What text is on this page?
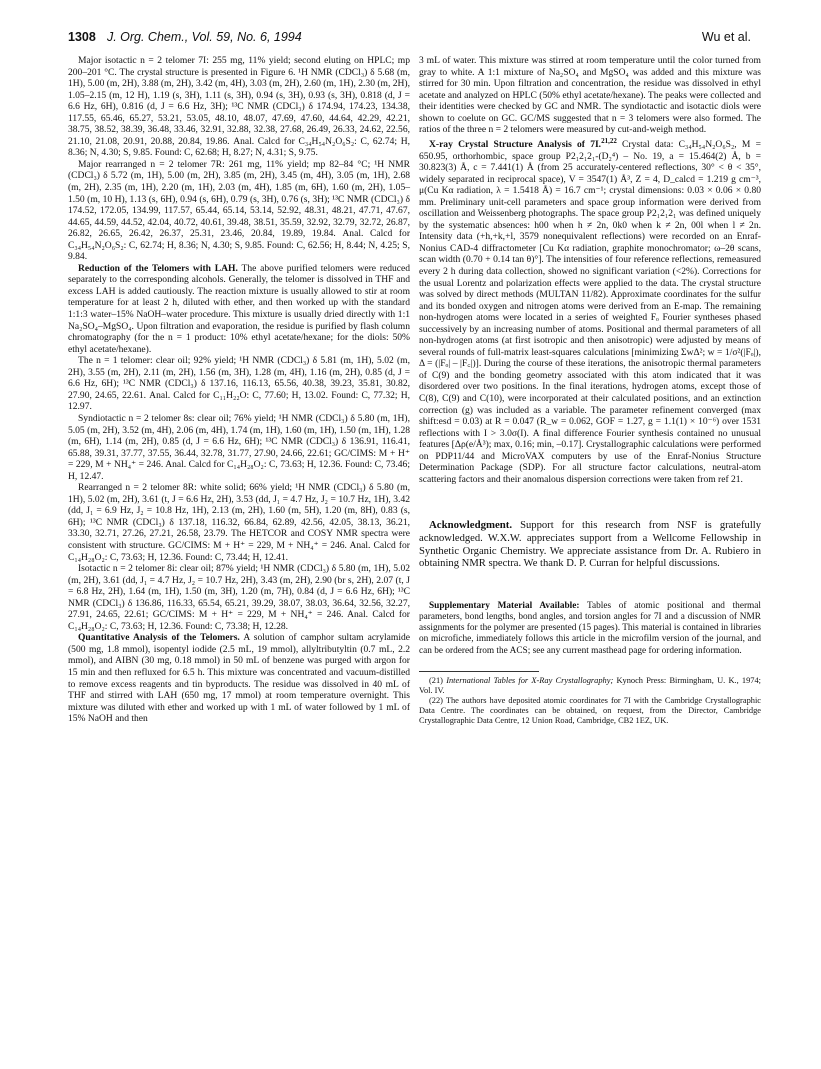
1308 J. Org. Chem., Vol. 59, No. 6, 1994	Wu et al.

Major isotactic n = 2 telomer 7I: 255 mg, 11% yield; second eluting on HPLC; mp 200–201 °C. The crystal structure is presented in Figure 6. ¹H NMR (CDCl₃) δ 5.68 (m, 1H), 5.00 (m, 2H), 3.88 (m, 2H), 3.42 (m, 4H), 3.03 (m, 2H), 2.60 (m, 1H), 2.30 (m, 2H), 1.05–2.15 (m, 12 H), 1.19 (s, 3H), 1.11 (s, 3H), 0.94 (s, 3H), 0.93 (s, 3H), 0.818 (d, J = 6.6 Hz, 6H), 0.816 (d, J = 6.6 Hz, 3H); ¹³C NMR (CDCl₃) δ 174.94, 174.23, 134.38, 117.55, 65.46, 65.27, 53.21, 53.05, 48.10, 48.07, 47.69, 47.60, 44.64, 42.29, 42.21, 38.75, 38.52, 38.39, 36.48, 33.46, 32.91, 32.88, 32.38, 27.68, 26.49, 26.33, 24.62, 22.56, 21.10, 21.08, 20.91, 20.88, 20.84, 19.86. Anal. Calcd for C₃₄H₅₄N₂O₆S₂: C, 62.74; H, 8.36; N, 4.30; S, 9.85. Found: C, 62.68; H, 8.27; N, 4.31; S, 9.75.

Major rearranged n = 2 telomer 7R: 261 mg, 11% yield; mp 82–84 °C; ¹H NMR (CDCl₃) δ 5.72 (m, 1H), 5.00 (m, 2H), 3.85 (m, 2H), 3.45 (m, 4H), 3.05 (m, 1H), 2.68 (m, 2H), 2.35 (m, 1H), 2.20 (m, 1H), 2.03 (m, 4H), 1.85 (m, 6H), 1.60 (m, 2H), 1.05–1.50 (m, 10 H), 1.13 (s, 6H), 0.94 (s, 6H), 0.79 (s, 3H), 0.76 (s, 3H); ¹³C NMR (CDCl₃) δ 174.52, 172.05, 134.99, 117.57, 65.44, 65.14, 53.14, 52.92, 48.31, 48.21, 47.71, 47.67, 44.65, 44.59, 44.52, 42.04, 40.72, 40.61, 39.48, 38.51, 35.59, 32.92, 32.79, 32.72, 26.87, 26.82, 26.65, 26.42, 26.37, 25.31, 23.46, 20.84, 19.89, 19.84. Anal. Calcd for C₃₄H₅₄N₂O₆S₂: C, 62.74; H, 8.36; N, 4.30; S, 9.85. Found: C, 62.56; H, 8.44; N, 4.25; S, 9.84.

Reduction of the Telomers with LAH. The above purified telomers were reduced separately to the corresponding alcohols. Generally, the telomer is dissolved in THF and excess LAH is added cautiously. The reaction mixture is usually allowed to stir at room temperature for at least 2 h, diluted with ether, and then worked up with the standard 1:1:3 water–15% NaOH–water procedure. This mixture is usually dried directly with 1:1 Na₂SO₄–MgSO₄. Upon filtration and evaporation, the residue is purified by flash column chromatography (for the n = 1 product: 10% ethyl acetate/hexane; for the diols: 50% ethyl acetate/hexane).

The n = 1 telomer: clear oil; 92% yield; ¹H NMR (CDCl₃) δ 5.81 (m, 1H), 5.02 (m, 2H), 3.55 (m, 2H), 2.11 (m, 2H), 1.56 (m, 3H), 1.28 (m, 4H), 1.16 (m, 2H), 0.85 (d, J = 6.6 Hz, 6H); ¹³C NMR (CDCl₃) δ 137.16, 116.13, 65.56, 40.38, 39.23, 35.81, 30.82, 27.90, 24.65, 22.61. Anal. Calcd for C₁₁H₂₂O: C, 77.60; H, 13.02. Found: C, 77.32; H, 12.97.

Syndiotactic n = 2 telomer 8s: clear oil; 76% yield; ¹H NMR (CDCl₃) δ 5.80 (m, 1H), 5.05 (m, 2H), 3.52 (m, 4H), 2.06 (m, 4H), 1.74 (m, 1H), 1.60 (m, 1H), 1.50 (m, 1H), 1.28 (m, 6H), 1.14 (m, 2H), 0.85 (d, J = 6.6 Hz, 6H); ¹³C NMR (CDCl₃) δ 136.91, 116.41, 65.88, 39.31, 37.77, 37.55, 36.44, 32.78, 31.77, 27.90, 24.66, 22.61; GC/CIMS: M + H⁺ = 229, M + NH₄⁺ = 246. Anal. Calcd for C₁₄H₂₈O₂: C, 73.63; H, 12.36. Found: C, 73.46; H, 12.47.

Rearranged n = 2 telomer 8R: white solid; 66% yield; ¹H NMR (CDCl₃) δ 5.80 (m, 1H), 5.02 (m, 2H), 3.61 (t, J = 6.6 Hz, 2H), 3.53 (dd, J₁ = 4.7 Hz, J₂ = 10.7 Hz, 1H), 3.42 (dd, J₁ = 6.9 Hz, J₂ = 10.8 Hz, 1H), 2.13 (m, 2H), 1.60 (m, 5H), 1.20 (m, 8H), 0.83 (s, 6H); ¹³C NMR (CDCl₃) δ 137.18, 116.32, 66.84, 62.89, 42.56, 42.05, 38.13, 36.21, 33.30, 32.71, 27.26, 27.21, 26.58, 23.79. The HETCOR and COSY NMR spectra were consistent with structure. GC/CIMS: M + H⁺ = 229, M + NH₄⁺ = 246. Anal. Calcd for C₁₄H₂₈O₂: C, 73.63; H, 12.36. Found: C, 73.44; H, 12.41.

Isotactic n = 2 telomer 8i: clear oil; 87% yield; ¹H NMR (CDCl₃) δ 5.80 (m, 1H), 5.02 (m, 2H), 3.61 (dd, J₁ = 4.7 Hz, J₂ = 10.7 Hz, 2H), 3.43 (m, 2H), 2.90 (br s, 2H), 2.07 (t, J = 6.8 Hz, 2H), 1.64 (m, 1H), 1.50 (m, 3H), 1.20 (m, 7H), 0.84 (d, J = 6.6 Hz, 6H); ¹³C NMR (CDCl₃) δ 136.86, 116.33, 65.54, 65.21, 39.29, 38.07, 38.03, 36.64, 32.56, 32.27, 27.91, 24.65, 22.61; GC/CIMS: M + H⁺ = 229, M + NH₄⁺ = 246. Anal. Calcd for C₁₄H₂₈O₂: C, 73.63; H, 12.36. Found: C, 73.38; H, 12.28.

Quantitative Analysis of the Telomers. A solution of camphor sultam acrylamide (500 mg, 1.8 mmol), isopentyl iodide (2.5 mL, 19 mmol), allyltributyltin (0.7 mL, 2.2 mmol), and AIBN (30 mg, 0.18 mmol) in 50 mL of benzene was purged with argon for 15 min and then refluxed for 6.5 h. This mixture was concentrated and vacuum-distilled to remove excess reagents and tin byproducts. The residue was dissolved in 40 mL of THF and stirred with LAH (650 mg, 17 mmol) at room temperature overnight. This mixture was diluted with ether and worked up with 1 mL of water followed by 1 mL of 15% NaOH and then

3 mL of water. This mixture was stirred at room temperature until the color turned from gray to white. A 1:1 mixture of Na₂SO₄ and MgSO₄ was added and this mixture was stirred for 30 min. Upon filtration and concentration, the residue was dissolved in ethyl acetate and analyzed on HPLC (50% ethyl acetate/hexane). The peaks were collected and their identities were checked by GC and NMR. The syndiotactic and isotactic diols were shown to coelute on GC. GC/MS suggested that n = 3 telomers were also formed. The ratios of the three n = 2 telomers were measured by cut-and-weigh method.

X-ray Crystal Structure Analysis of 7I.$^{21,22}$ Crystal data: C₃₄H₅₄N₂O₆S₂, M = 650.95, orthorhombic, space group P2₁2₁2₁-(D₂⁴) – No. 19, a = 15.464(2) Å, b = 30.823(3) Å, c = 7.441(1) Å (from 25 accurately-centered reflections, 30° < θ < 35°, widely separated in reciprocal space), V = 3547(1) Å³, Z = 4, D_calcd = 1.219 g cm⁻³, μ(Cu Kα radiation, λ = 1.5418 Å) = 16.7 cm⁻¹; crystal dimensions: 0.03 × 0.06 × 0.80 mm. Preliminary unit-cell parameters and space group information were derived from oscillation and Weissenberg photographs. The space group P2₁2₁2₁ was defined uniquely by the systematic absences: h00 when h ≠ 2n, 0k0 when k ≠ 2n, 00l when l ≠ 2n. Intensity data (+h,+k,+l, 3579 nonequivalent reflections) were recorded on an Enraf-Nonius CAD-4 diffractometer [Cu Kα radiation, graphite monochromator; ω–2θ scans, scan width (0.70 + 0.14 tan θ)°]. The intensities of four reference reflections, remeasured every 2 h during data collection, showed no significant variation (<2%). Corrections for the usual Lorentz and polarization effects were applied to the data. The crystal structure was solved by direct methods (MULTAN 11/82). Approximate coordinates for the sulfur and its bonded oxygen and nitrogen atoms were derived from an E-map. The remaining non-hydrogen atoms were located in a series of weighted Fₒ Fourier syntheses phased successively by an increasing number of atoms. Positional and thermal parameters of all non-hydrogen atoms (at first isotropic and then anisotropic) were adjusted by means of several rounds of full-matrix least-squares calculations [minimizing ΣwΔ²; w = 1/σ²(|Fₒ|), Δ = (|Fₒ| – |F꜀|)]. During the course of these iterations, the anisotropic thermal parameters of C(9) and the bonding geometry associated with this atom indicated that it was disordered over two positions. In the final iterations, hydrogen atoms, except those of C(8), C(9) and C(10), were incorporated at their calculated positions, and an extinction correction (g) was included as a variable. The parameter refinement converged (max shift:esd = 0.03) at R = 0.047 (R_w = 0.062, GOF = 1.27, g = 1.1(1) × 10⁻⁶) over 1531 reflections with I > 3.0σ(I). A final difference Fourier synthesis contained no unusual features [Δρ(e/Å³); max, 0.16; min, –0.17]. Crystallographic calculations were performed on PDP11/44 and MicroVAX computers by use of the Enraf-Nonius Structure Determination Package (SDP). For all structure factor calculations, neutral-atom scattering factors and their anomalous dispersion corrections were taken from ref 21.

Acknowledgment. Support for this research from NSF is gratefully acknowledged. W.X.W. appreciates support from a Wellcome Fellowship in Synthetic Organic Chemistry. We appreciate assistance from Dr. A. Rubiero in obtaining NMR spectra. We thank D. P. Curran for helpful discussions.

Supplementary Material Available: Tables of atomic positional and thermal parameters, bond lengths, bond angles, and torsion angles for 7I and a discussion of NMR assignments for the polymer are presented (15 pages). This material is contained in libraries on microfiche, immediately follows this article in the microfilm version of the journal, and can be ordered from the ACS; see any current masthead page for ordering information.

(21) International Tables for X-Ray Crystallography; Kynoch Press: Birmingham, U. K., 1974; Vol. IV.

(22) The authors have deposited atomic coordinates for 7I with the Cambridge Crystallographic Data Centre. The coordinates can be obtained, on request, from the Director, Cambridge Crystallographic Data Centre, 12 Union Road, Cambridge, CB2 1EZ, UK.
